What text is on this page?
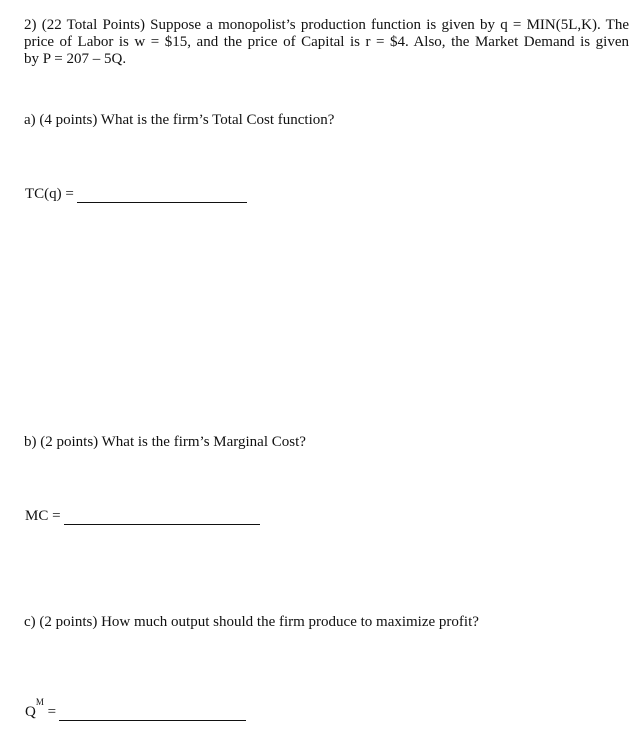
2) (22 Total Points) Suppose a monopolist’s production function is given by q = MIN(5L,K). The
price of Labor is w = $15, and the price of Capital is r = $4. Also, the Market Demand is given
by P = 207 – 5Q.
a) (4 points) What is the firm’s Total Cost function?
TC(q) =
b) (2 points) What is the firm’s Marginal Cost?
MC =
c) (2 points) How much output should the firm produce to maximize profit?
$Q^M$ =
